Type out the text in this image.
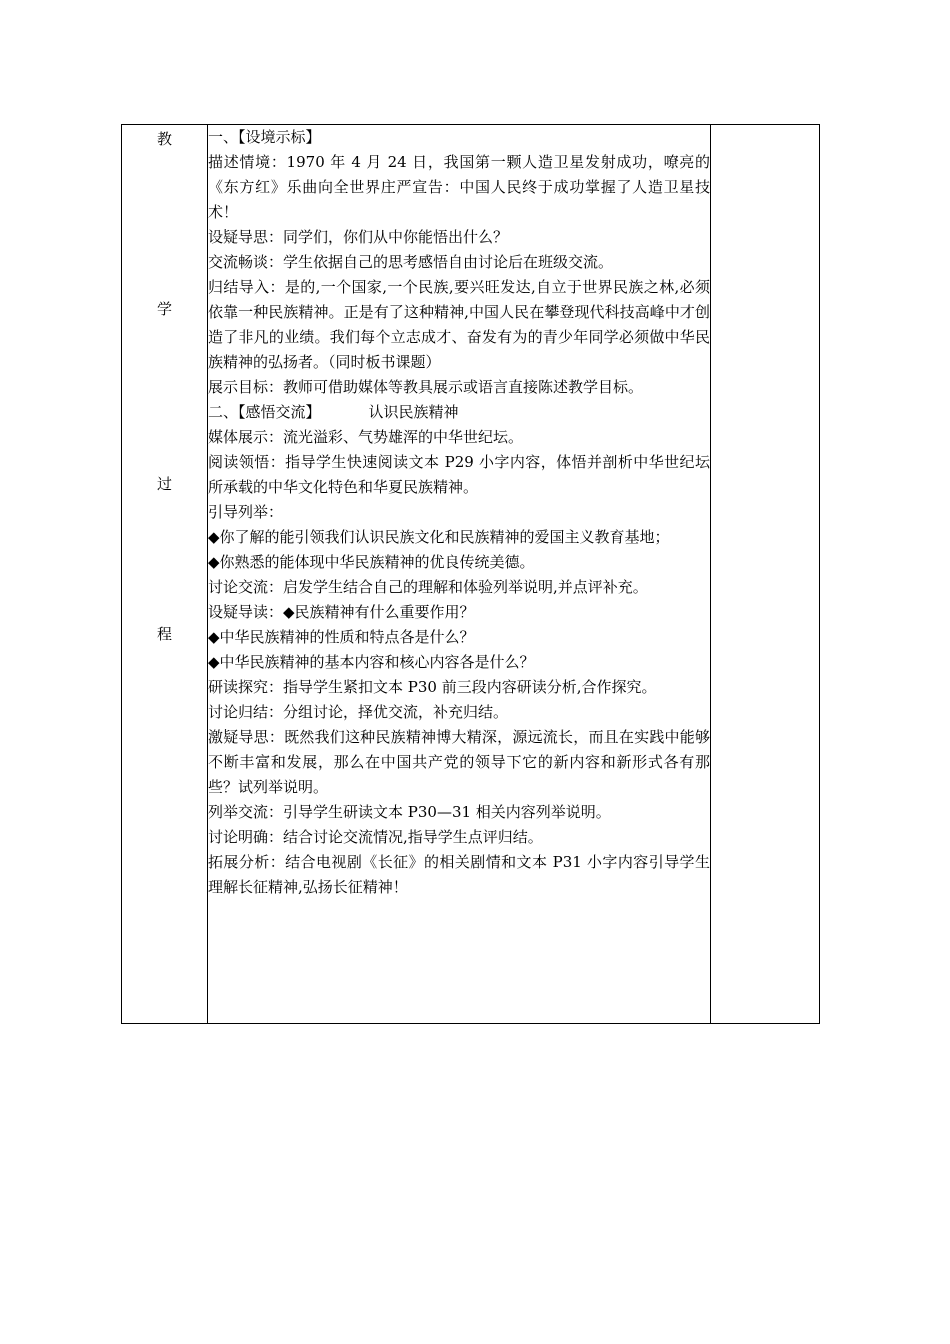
教
学
过
程

一、【设境示标】

描述情境：1970 年 4 月 24 日，我国第一颗人造卫星发射成功，嘹亮的《东方红》乐曲向全世界庄严宣告：中国人民终于成功掌握了人造卫星技术！

设疑导思：同学们，你们从中你能悟出什么？

交流畅谈：学生依据自己的思考感悟自由讨论后在班级交流。

归结导入：是的,一个国家,一个民族,要兴旺发达,自立于世界民族之林,必须依靠一种民族精神。正是有了这种精神,中国人民在攀登现代科技高峰中才创造了非凡的业绩。我们每个立志成才、奋发有为的青少年同学必须做中华民族精神的弘扬者。（同时板书课题）

展示目标：教师可借助媒体等教具展示或语言直接陈述教学目标。

二、【感悟交流】	认识民族精神

媒体展示：流光溢彩、气势雄浑的中华世纪坛。

阅读领悟：指导学生快速阅读文本 P29 小字内容，体悟并剖析中华世纪坛所承载的中华文化特色和华夏民族精神。

引导列举：

◆你了解的能引领我们认识民族文化和民族精神的爱国主义教育基地；

◆你熟悉的能体现中华民族精神的优良传统美德。

讨论交流：启发学生结合自己的理解和体验列举说明,并点评补充。

设疑导读：◆民族精神有什么重要作用？

◆中华民族精神的性质和特点各是什么？

◆中华民族精神的基本内容和核心内容各是什么？

研读探究：指导学生紧扣文本 P30 前三段内容研读分析,合作探究。

讨论归结：分组讨论，择优交流，补充归结。

激疑导思：既然我们这种民族精神博大精深，源远流长，而且在实践中能够不断丰富和发展，那么在中国共产党的领导下它的新内容和新形式各有那些？试列举说明。

列举交流：引导学生研读文本 P30—31 相关内容列举说明。

讨论明确：结合讨论交流情况,指导学生点评归结。

拓展分析：结合电视剧《长征》的相关剧情和文本 P31 小字内容引导学生理解长征精神,弘扬长征精神！
